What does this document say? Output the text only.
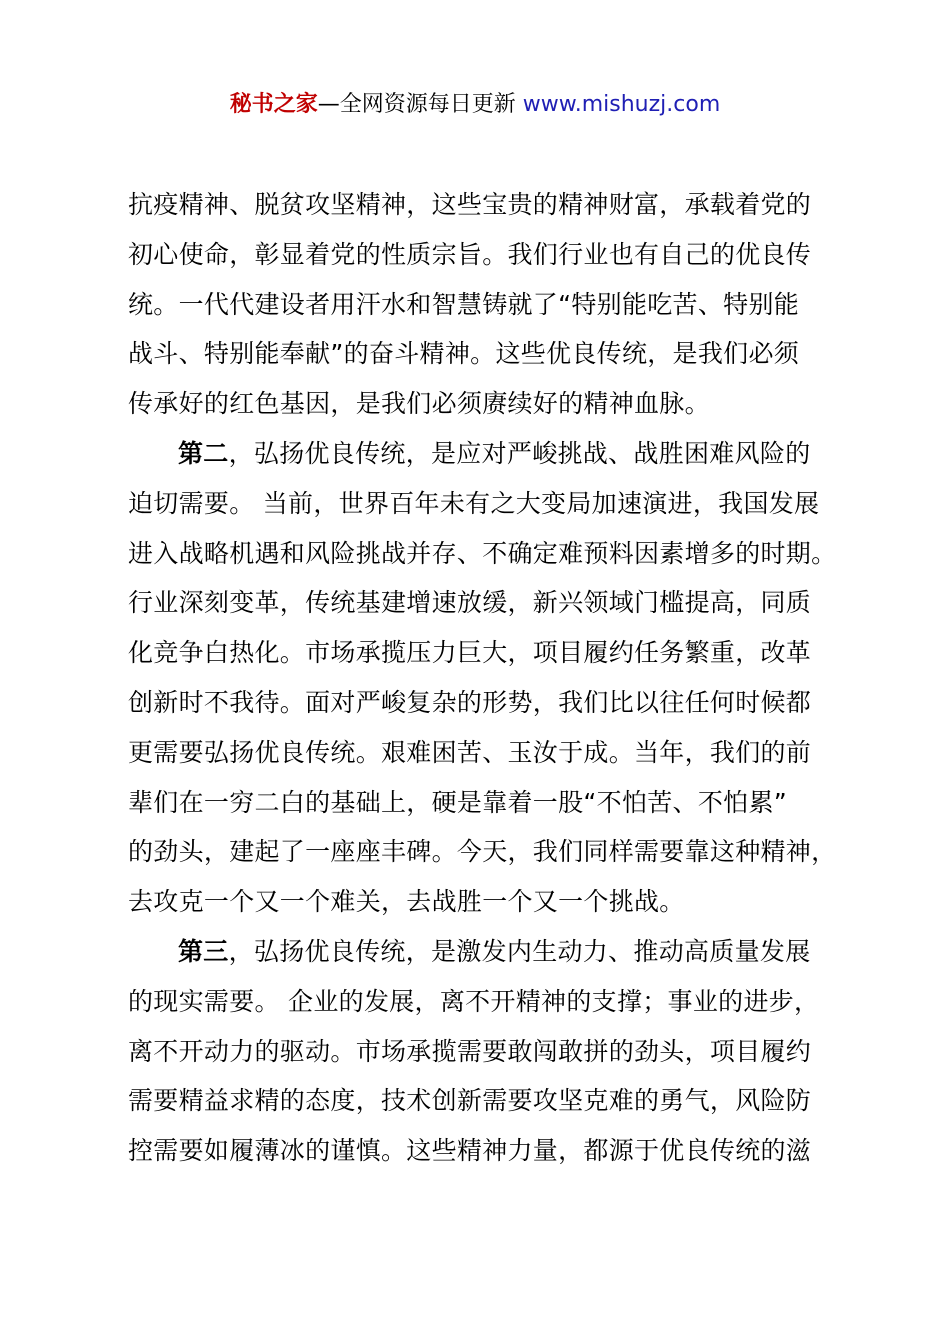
秘书之家—全网资源每日更新 www.mishuzj.com

抗疫精神、脱贫攻坚精神，这些宝贵的精神财富，承载着党的
初心使命，彰显着党的性质宗旨。我们行业也有自己的优良传
统。一代代建设者用汗水和智慧铸就了“特别能吃苦、特别能
战斗、特别能奉献”的奋斗精神。这些优良传统，是我们必须
传承好的红色基因，是我们必须赓续好的精神血脉。

第二，弘扬优良传统，是应对严峻挑战、战胜困难风险的
迫切需要。 当前，世界百年未有之大变局加速演进，我国发展
进入战略机遇和风险挑战并存、不确定难预料因素增多的时期。
行业深刻变革，传统基建增速放缓，新兴领域门槛提高，同质
化竞争白热化。市场承揽压力巨大，项目履约任务繁重，改革
创新时不我待。面对严峻复杂的形势，我们比以往任何时候都
更需要弘扬优良传统。艰难困苦、玉汝于成。当年，我们的前
辈们在一穷二白的基础上，硬是靠着一股“不怕苦、不怕累”
的劲头，建起了一座座丰碑。今天，我们同样需要靠这种精神，
去攻克一个又一个难关，去战胜一个又一个挑战。

第三，弘扬优良传统，是激发内生动力、推动高质量发展
的现实需要。 企业的发展，离不开精神的支撑；事业的进步，
离不开动力的驱动。市场承揽需要敢闯敢拼的劲头，项目履约
需要精益求精的态度，技术创新需要攻坚克难的勇气，风险防
控需要如履薄冰的谨慎。这些精神力量，都源于优良传统的滋
